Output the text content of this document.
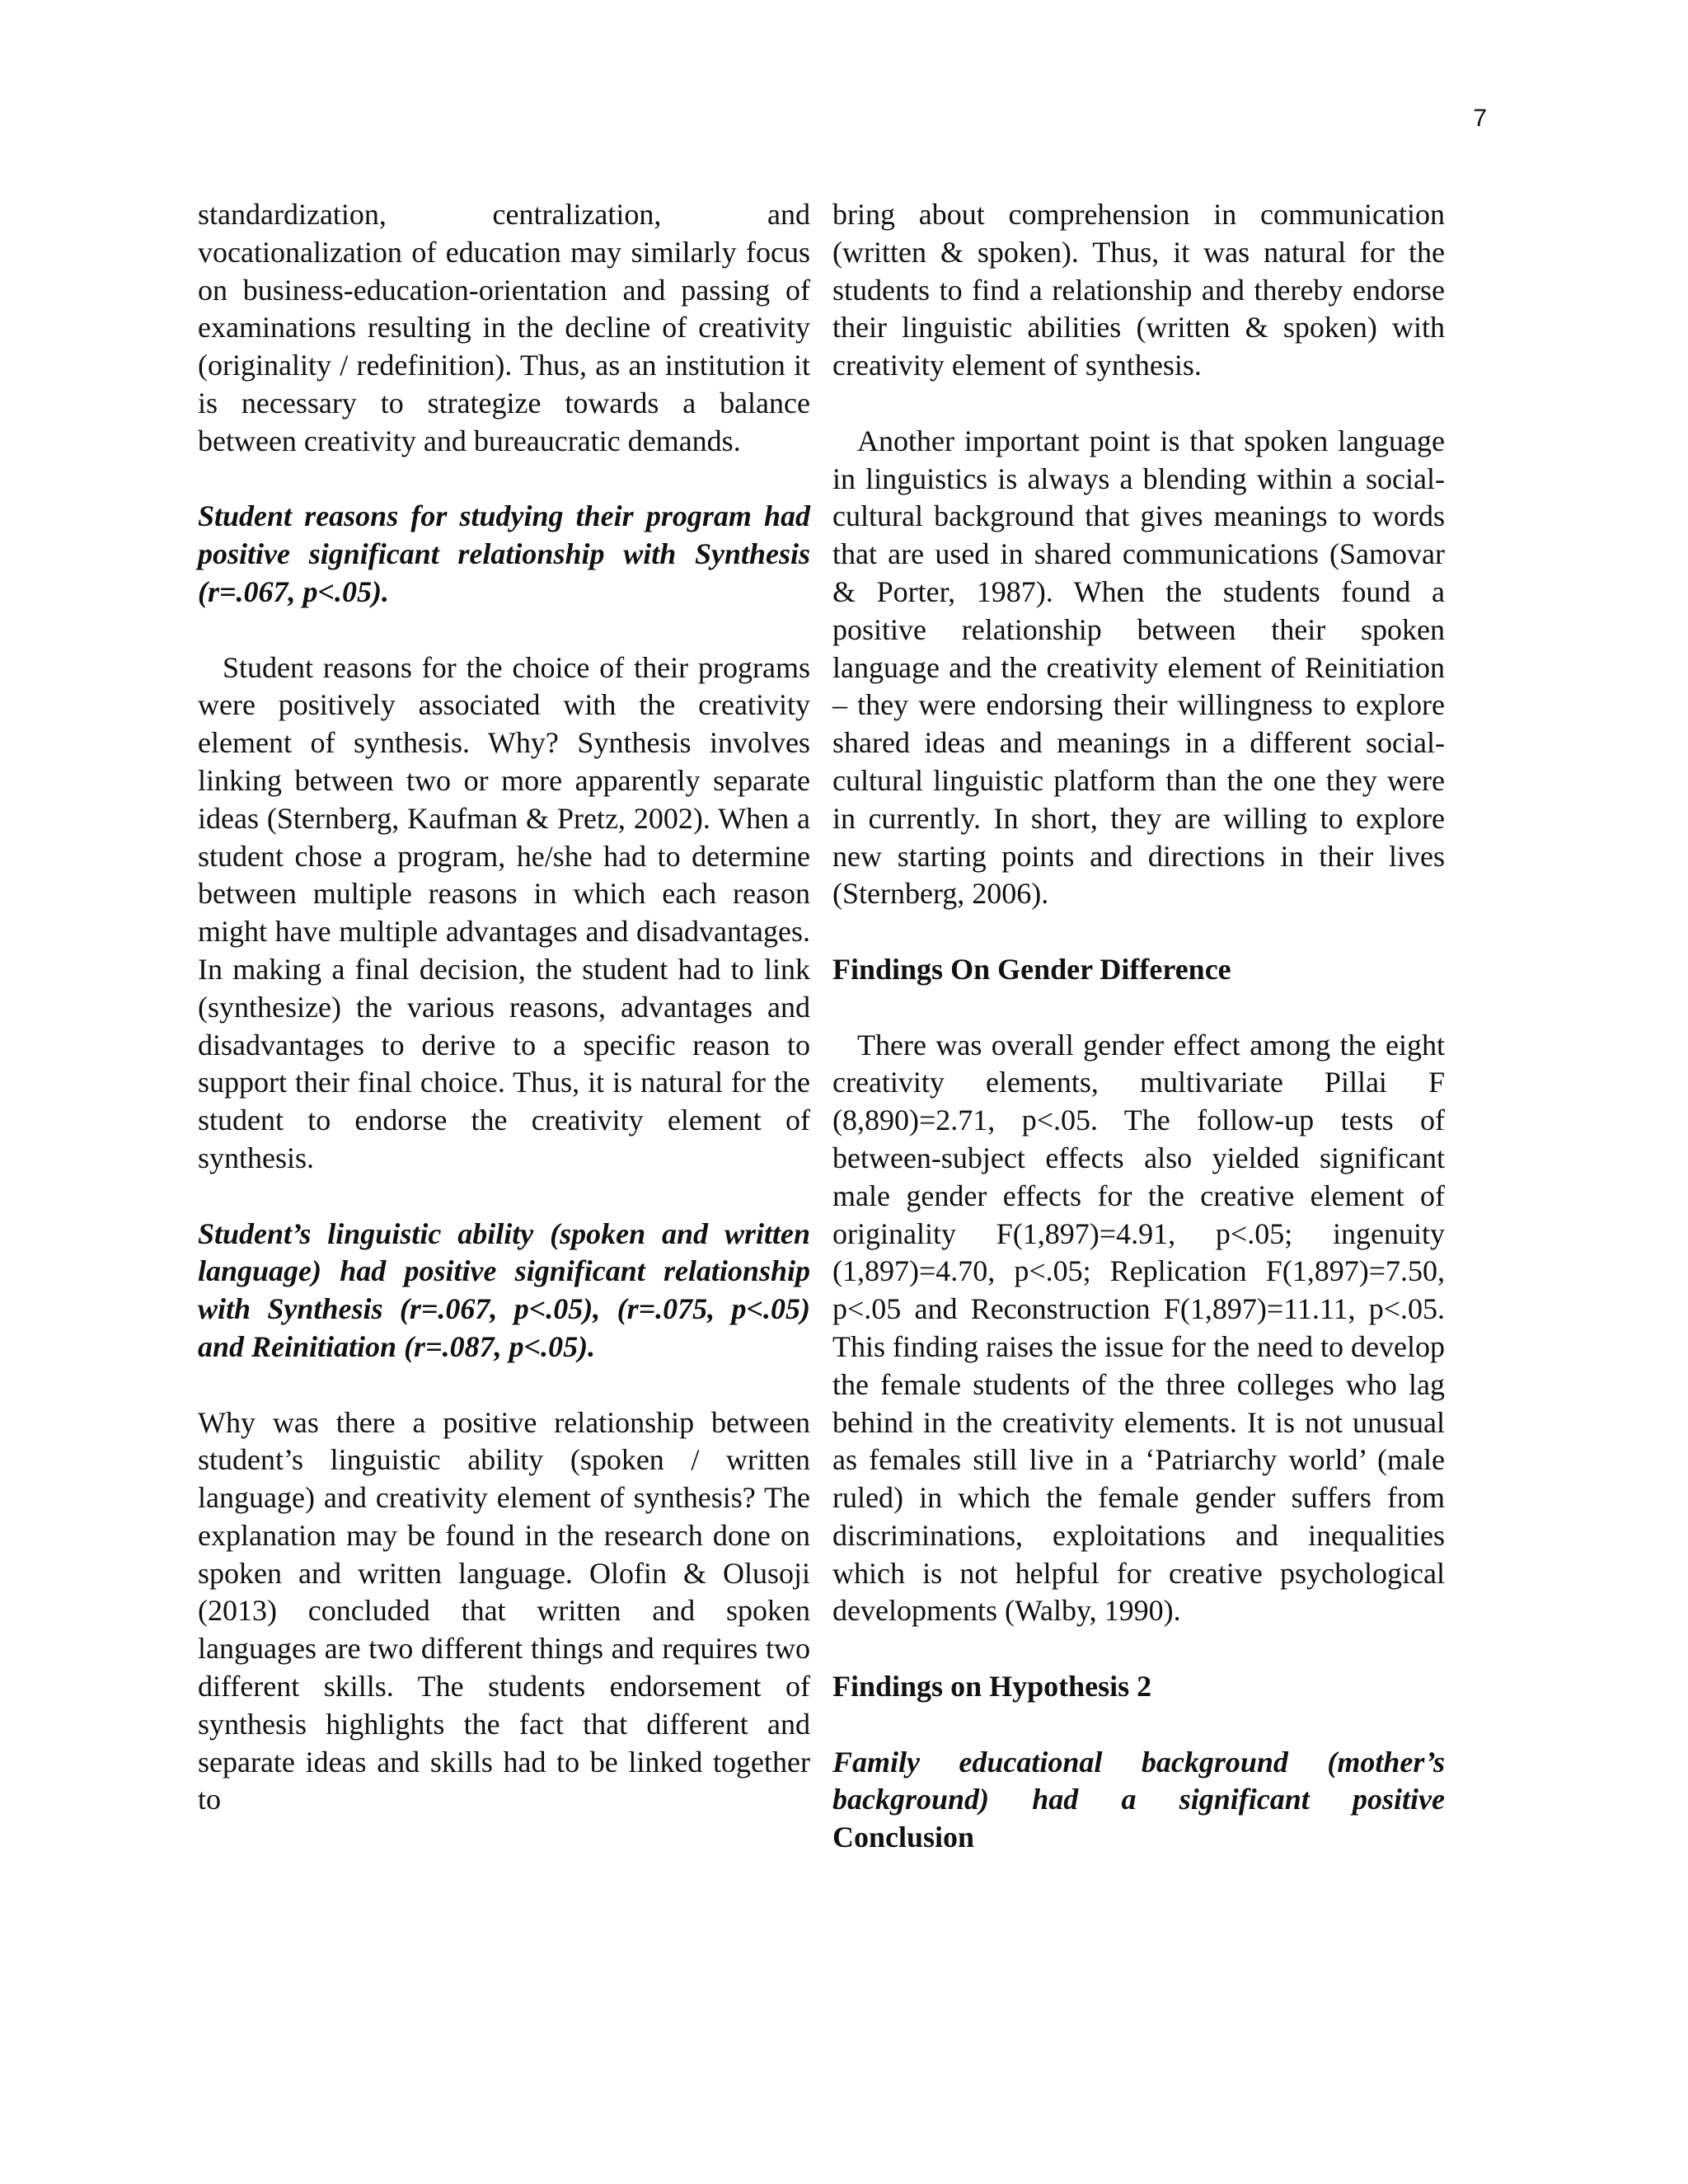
7

standardization, centralization, and vocationalization of education may similarly focus on business-education-orientation and passing of examinations resulting in the decline of creativity (originality / redefinition). Thus, as an institution it is necessary to strategize towards a balance between creativity and bureaucratic demands.

Student reasons for studying their program had positive significant relationship with Synthesis (r=.067, p<.05).

Student reasons for the choice of their programs were positively associated with the creativity element of synthesis. Why? Synthesis involves linking between two or more apparently separate ideas (Sternberg, Kaufman & Pretz, 2002). When a student chose a program, he/she had to determine between multiple reasons in which each reason might have multiple advantages and disadvantages. In making a final decision, the student had to link (synthesize) the various reasons, advantages and disadvantages to derive to a specific reason to support their final choice. Thus, it is natural for the student to endorse the creativity element of synthesis.

Student’s linguistic ability (spoken and written language) had positive significant relationship with Synthesis (r=.067, p<.05), (r=.075, p<.05) and Reinitiation (r=.087, p<.05).

Why was there a positive relationship between student’s linguistic ability (spoken / written language) and creativity element of synthesis? The explanation may be found in the research done on spoken and written language. Olofin & Olusoji (2013) concluded that written and spoken languages are two different things and requires two different skills. The students endorsement of synthesis highlights the fact that different and separate ideas and skills had to be linked together to

bring about comprehension in communication (written & spoken). Thus, it was natural for the students to find a relationship and thereby endorse their linguistic abilities (written & spoken) with creativity element of synthesis.

Another important point is that spoken language in linguistics is always a blending within a social-cultural background that gives meanings to words that are used in shared communications (Samovar & Porter, 1987). When the students found a positive relationship between their spoken language and the creativity element of Reinitiation – they were endorsing their willingness to explore shared ideas and meanings in a different social-cultural linguistic platform than the one they were in currently. In short, they are willing to explore new starting points and directions in their lives (Sternberg, 2006).

Findings On Gender Difference

There was overall gender effect among the eight creativity elements, multivariate Pillai F (8,890)=2.71, p<.05. The follow-up tests of between-subject effects also yielded significant male gender effects for the creative element of originality F(1,897)=4.91, p<.05; ingenuity (1,897)=4.70, p<.05; Replication F(1,897)=7.50, p<.05 and Reconstruction F(1,897)=11.11, p<.05. This finding raises the issue for the need to develop the female students of the three colleges who lag behind in the creativity elements. It is not unusual as females still live in a ‘Patriarchy world’ (male ruled) in which the female gender suffers from discriminations, exploitations and inequalities which is not helpful for creative psychological developments (Walby, 1990).

Findings on Hypothesis 2

Family educational background (mother’s background) had a significant positive

Conclusion
